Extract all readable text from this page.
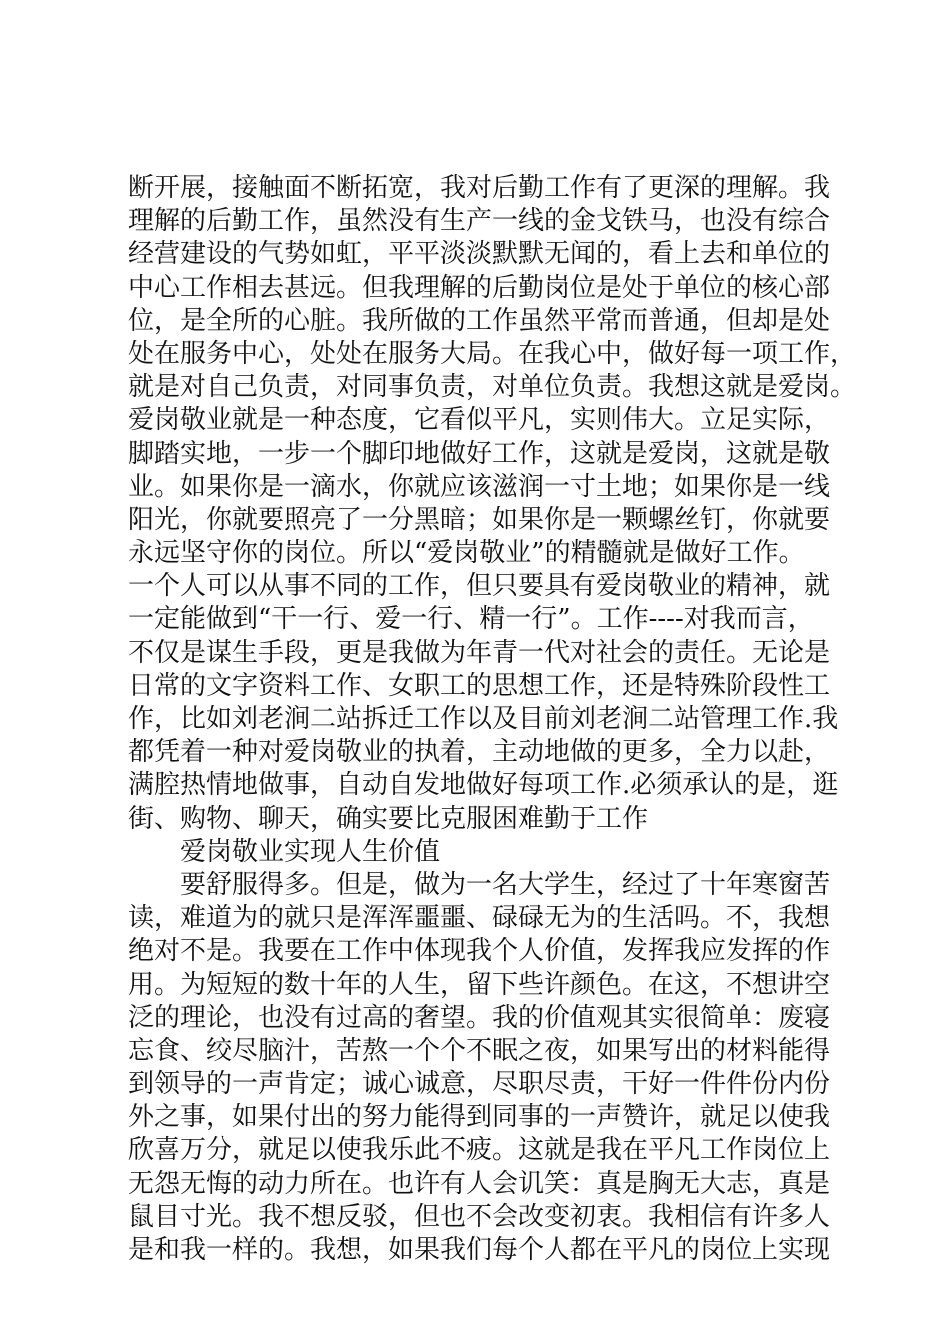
断开展，接触面不断拓宽，我对后勤工作有了更深的理解。我
理解的后勤工作，虽然没有生产一线的金戈铁马，也没有综合
经营建设的气势如虹，平平淡淡默默无闻的，看上去和单位的
中心工作相去甚远。但我理解的后勤岗位是处于单位的核心部
位，是全所的心脏。我所做的工作虽然平常而普通，但却是处
处在服务中心，处处在服务大局。在我心中，做好每一项工作，
就是对自己负责，对同事负责，对单位负责。我想这就是爱岗。
爱岗敬业就是一种态度，它看似平凡，实则伟大。立足实际，
脚踏实地，一步一个脚印地做好工作，这就是爱岗，这就是敬
业。如果你是一滴水，你就应该滋润一寸土地；如果你是一线
阳光，你就要照亮了一分黑暗；如果你是一颗螺丝钉，你就要
永远坚守你的岗位。所以“爱岗敬业”的精髓就是做好工作。
一个人可以从事不同的工作，但只要具有爱岗敬业的精神，就
一定能做到“干一行、爱一行、精一行”。工作----对我而言，
不仅是谋生手段，更是我做为年青一代对社会的责任。无论是
日常的文字资料工作、女职工的思想工作，还是特殊阶段性工
作，比如刘老涧二站拆迁工作以及目前刘老涧二站管理工作.我
都凭着一种对爱岗敬业的执着，主动地做的更多，全力以赴，
满腔热情地做事，自动自发地做好每项工作.必须承认的是，逛
街、购物、聊天，确实要比克服困难勤于工作
爱岗敬业实现人生价值
要舒服得多。但是，做为一名大学生，经过了十年寒窗苦
读，难道为的就只是浑浑噩噩、碌碌无为的生活吗。不，我想
绝对不是。我要在工作中体现我个人价值，发挥我应发挥的作
用。为短短的数十年的人生，留下些许颜色。在这，不想讲空
泛的理论，也没有过高的奢望。我的价值观其实很简单：废寝
忘食、绞尽脑汁，苦熬一个个不眠之夜，如果写出的材料能得
到领导的一声肯定；诚心诚意，尽职尽责，干好一件件份内份
外之事，如果付出的努力能得到同事的一声赞许，就足以使我
欣喜万分，就足以使我乐此不疲。这就是我在平凡工作岗位上
无怨无悔的动力所在。也许有人会讥笑：真是胸无大志，真是
鼠目寸光。我不想反驳，但也不会改变初衷。我相信有许多人
是和我一样的。我想，如果我们每个人都在平凡的岗位上实现
